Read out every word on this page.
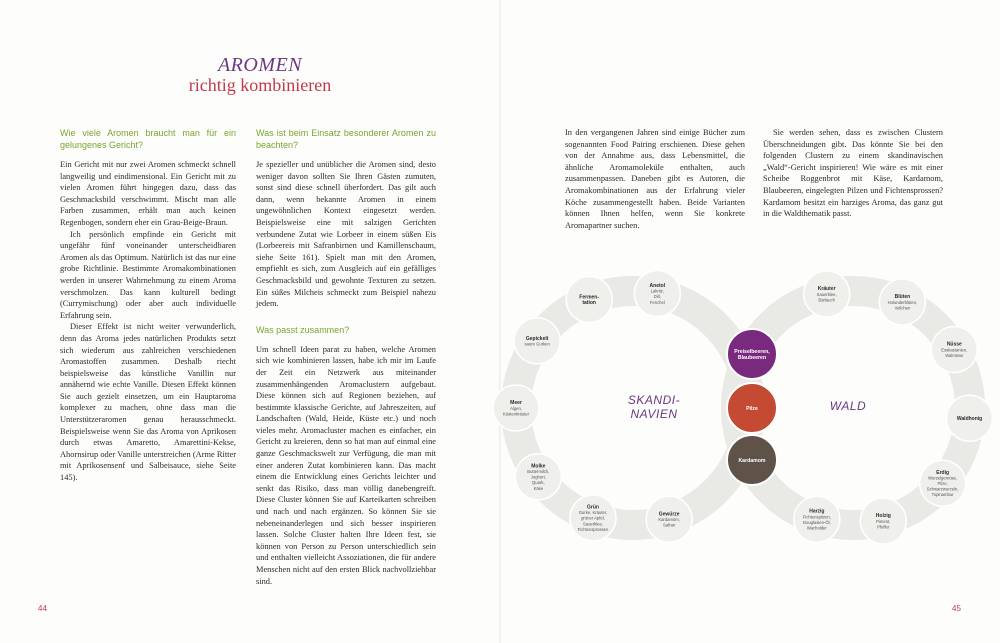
AROMEN
richtig kombinieren
Wie viele Aromen braucht man für ein gelungenes Gericht?

Ein Gericht mit nur zwei Aromen schmeckt schnell langweilig und eindimensional. Ein Gericht mit zu vielen Aromen führt hingegen dazu, dass das Geschmacksbild verschwimmt. Mischt man alle Farben zusammen, erhält man auch keinen Regenbogen, sondern eher ein Grau-Beige-Braun.

Ich persönlich empfinde ein Gericht mit ungefähr fünf voneinander unterscheidbaren Aromen als das Optimum. Natürlich ist das nur eine grobe Richtlinie. Bestimmte Aromakombinationen werden in unserer Wahrnehmung zu einem Aroma verschmolzen. Das kann kulturell bedingt (Currymischung) oder aber auch individuelle Erfahrung sein.

Dieser Effekt ist nicht weiter verwunderlich, denn das Aroma jedes natürlichen Produkts setzt sich wiederum aus zahlreichen verschiedenen Aromastoffen zusammen. Deshalb riecht beispielsweise das künstliche Vanillin nur annähernd wie echte Vanille. Diesen Effekt können Sie auch gezielt einsetzen, um ein Hauptaroma komplexer zu machen, ohne dass man die Unterstützeraromen genau herausschmeckt. Beispielsweise wenn Sie das Aroma von Aprikosen durch etwas Amaretto, Amarettini-Kekse, Ahornsirup oder Vanille unterstreichen (Arme Ritter mit Aprikosensenf und Salbeisauce, siehe Seite 145).

Was ist beim Einsatz besonderer Aromen zu beachten?

Je spezieller und unüblicher die Aromen sind, desto weniger davon sollten Sie Ihren Gästen zumuten, sonst sind diese schnell überfordert. Das gilt auch dann, wenn bekannte Aromen in einem ungewöhnlichen Kontext eingesetzt werden. Beispielsweise eine mit salzigen Gerichten verbundene Zutat wie Lorbeer in einem süßen Eis (Lorbeereis mit Safranbirnen und Kamillenschaum, siehe Seite 161). Spielt man mit den Aromen, empfiehlt es sich, zum Ausgleich auf ein gefälliges Geschmacksbild und gewohnte Texturen zu setzen. Ein süßes Milcheis schmeckt zum Beispiel nahezu jedem.

Was passt zusammen?

Um schnell Ideen parat zu haben, welche Aromen sich wie kombinieren lassen, habe ich mir im Laufe der Zeit ein Netzwerk aus miteinander zusammenhängenden Aromaclustern aufgebaut. Diese können sich auf Regionen beziehen, auf bestimmte klassische Gerichte, auf Jahreszeiten, auf Landschaften (Wald, Heide, Küste etc.) und noch vieles mehr. Aromacluster machen es einfacher, ein Gericht zu kreieren, denn so hat man auf einmal eine ganze Geschmackswelt zur Verfügung, die man mit einer anderen Zutat kombinieren kann. Das macht einem die Entwicklung eines Gerichts leichter und senkt das Risiko, dass man völlig danebengreift. Diese Cluster können Sie auf Karteikarten schreiben und nach und nach ergänzen. So können Sie sie nebeneinanderlegen und sich besser inspirieren lassen. Solche Cluster halten Ihre Ideen fest, sie können von Person zu Person unterschiedlich sein und enthalten vielleicht Assoziationen, die für andere Menschen nicht auf den ersten Blick nachvollziehbar sind.

44

In den vergangenen Jahren sind einige Bücher zum sogenannten Food Pairing erschienen. Diese gehen von der Annahme aus, dass Lebensmittel, die ähnliche Aromamoleküle enthalten, auch zusammenpassen. Daneben gibt es Autoren, die Aromakombinationen aus der Erfahrung vieler Köche zusammengestellt haben. Beide Varianten können Ihnen helfen, wenn Sie konkrete Aromapartner suchen.

Sie werden sehen, dass es zwischen Clustern Überschneidungen gibt. Das könnte Sie bei den folgenden Clustern zu einem skandinavischen „Wald“-Gericht inspirieren! Wie wäre es mit einer Scheibe Roggenbrot mit Käse, Kardamom, Blaubeeren, eingelegten Pilzen und Fichtensprossen? Kardamom besitzt ein harziges Aroma, das ganz gut in die Waldthematik passt.

Fermen-
tation
Anetol
Lakritz,
Dill,
Fenchel
Gepickelt
saure Gurken
Meer
Algen,
Küstenkräuter
Molke
Buttermilch,
Joghurt,
Quark,
Käse
Grün
Gurke, Kräuter,
grüner Apfel,
Sauerklee,
Fichtensprossen
Gewürze
Kardamom,
Safran
Kräuter
Sauerklee,
Bärlauch	Blüten
Holunderblüten,
Veilchen
Nüsse
Esskastanien,
Walnüsse
Waldhonig
Erdig
Wurzelgemüse,
Pilze,
Schwarzwurzeln,
Topinambur
Holzig
Piment,
Pfeffer
Harzig
Fichtenspitzen,
Douglasien-Öl,
Wacholder
SKANDI-
NAVIEN
WALD
Preiselbeeren,
Blaubeeren
Pilze
Kardamom
45
